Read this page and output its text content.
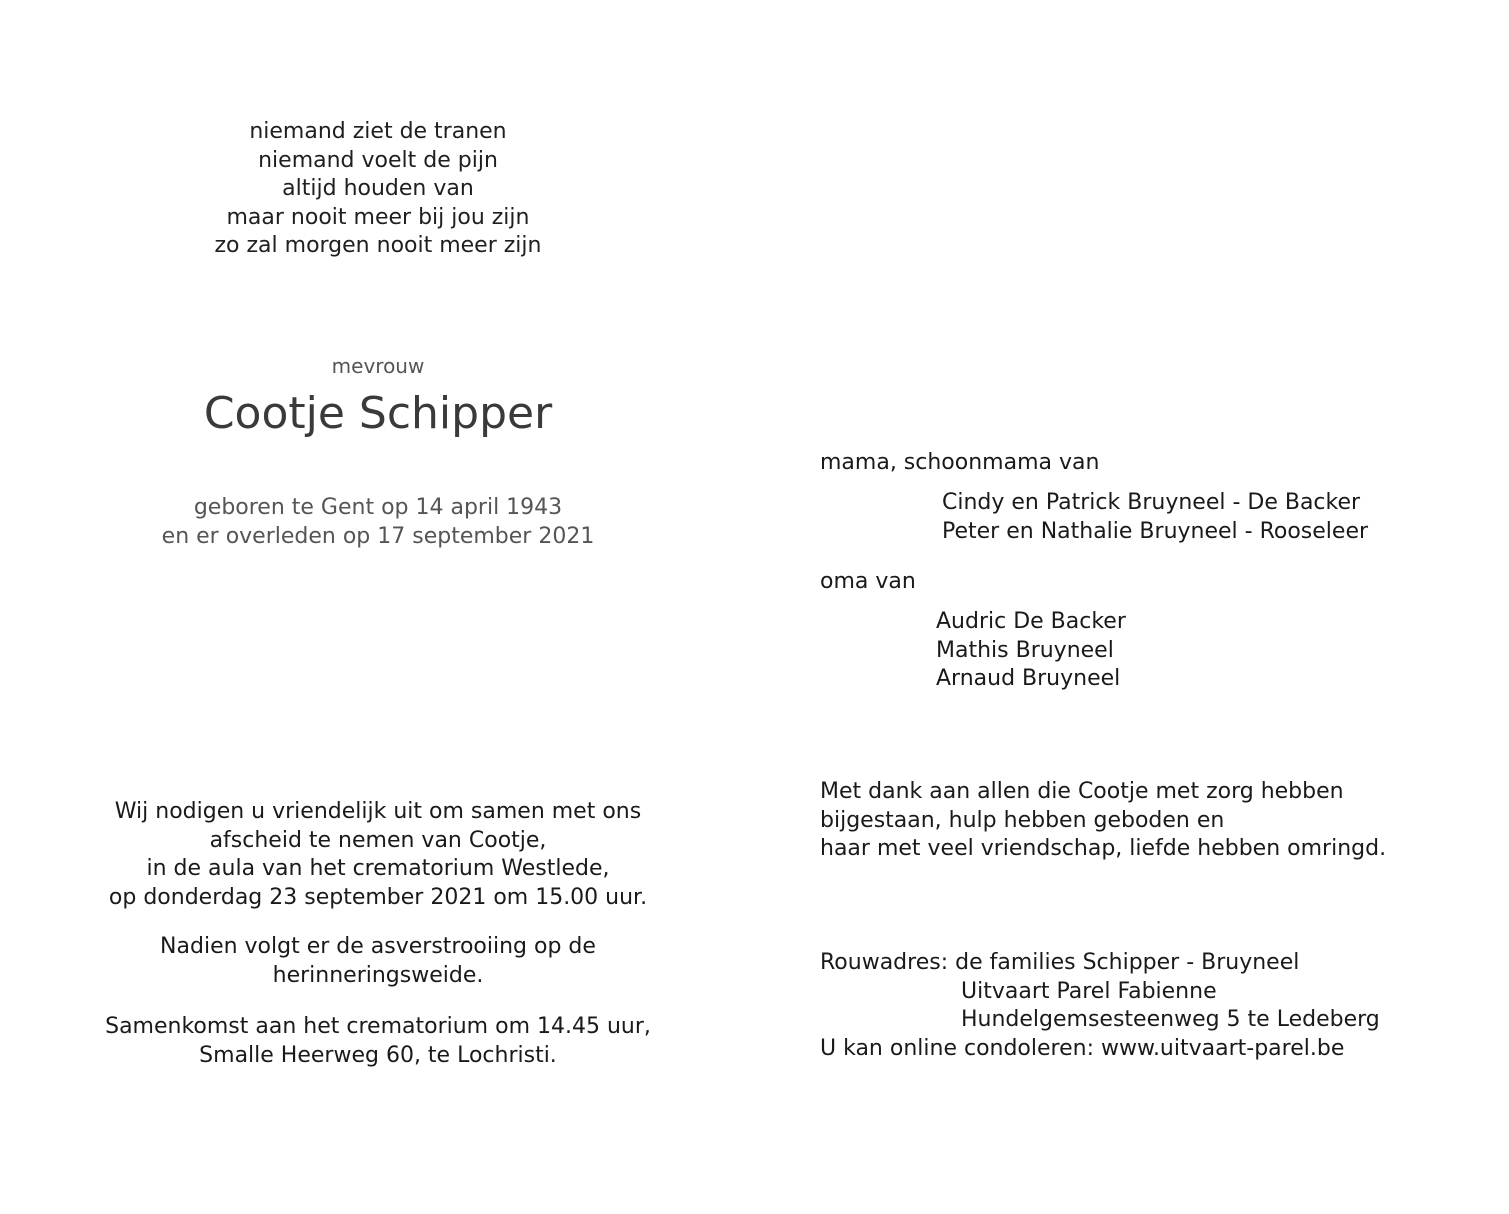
niemand ziet de tranen
niemand voelt de pijn
altijd houden van
maar nooit meer bij jou zijn
zo zal morgen nooit meer zijn
mevrouw
Cootje Schipper
geboren te Gent op 14 april 1943
en er overleden op 17 september 2021
Wij nodigen u vriendelijk uit om samen met ons
afscheid te nemen van Cootje,
in de aula van het crematorium Westlede,
op donderdag 23 september 2021 om 15.00 uur.
Nadien volgt er de asverstrooiing op de
herinneringsweide.
Samenkomst aan het crematorium om 14.45 uur,
Smalle Heerweg 60, te Lochristi.
mama, schoonmama van
Cindy en Patrick Bruyneel - De Backer
Peter en Nathalie Bruyneel - Rooseleer
oma van
Audric De Backer
Mathis Bruyneel
Arnaud Bruyneel
Met dank aan allen die Cootje met zorg hebben
bijgestaan, hulp hebben geboden en
haar met veel vriendschap, liefde hebben omringd.
Rouwadres: de families Schipper - Bruyneel
Uitvaart Parel Fabienne
Hundelgemsesteenweg 5 te Ledeberg
U kan online condoleren: www.uitvaart-parel.be
